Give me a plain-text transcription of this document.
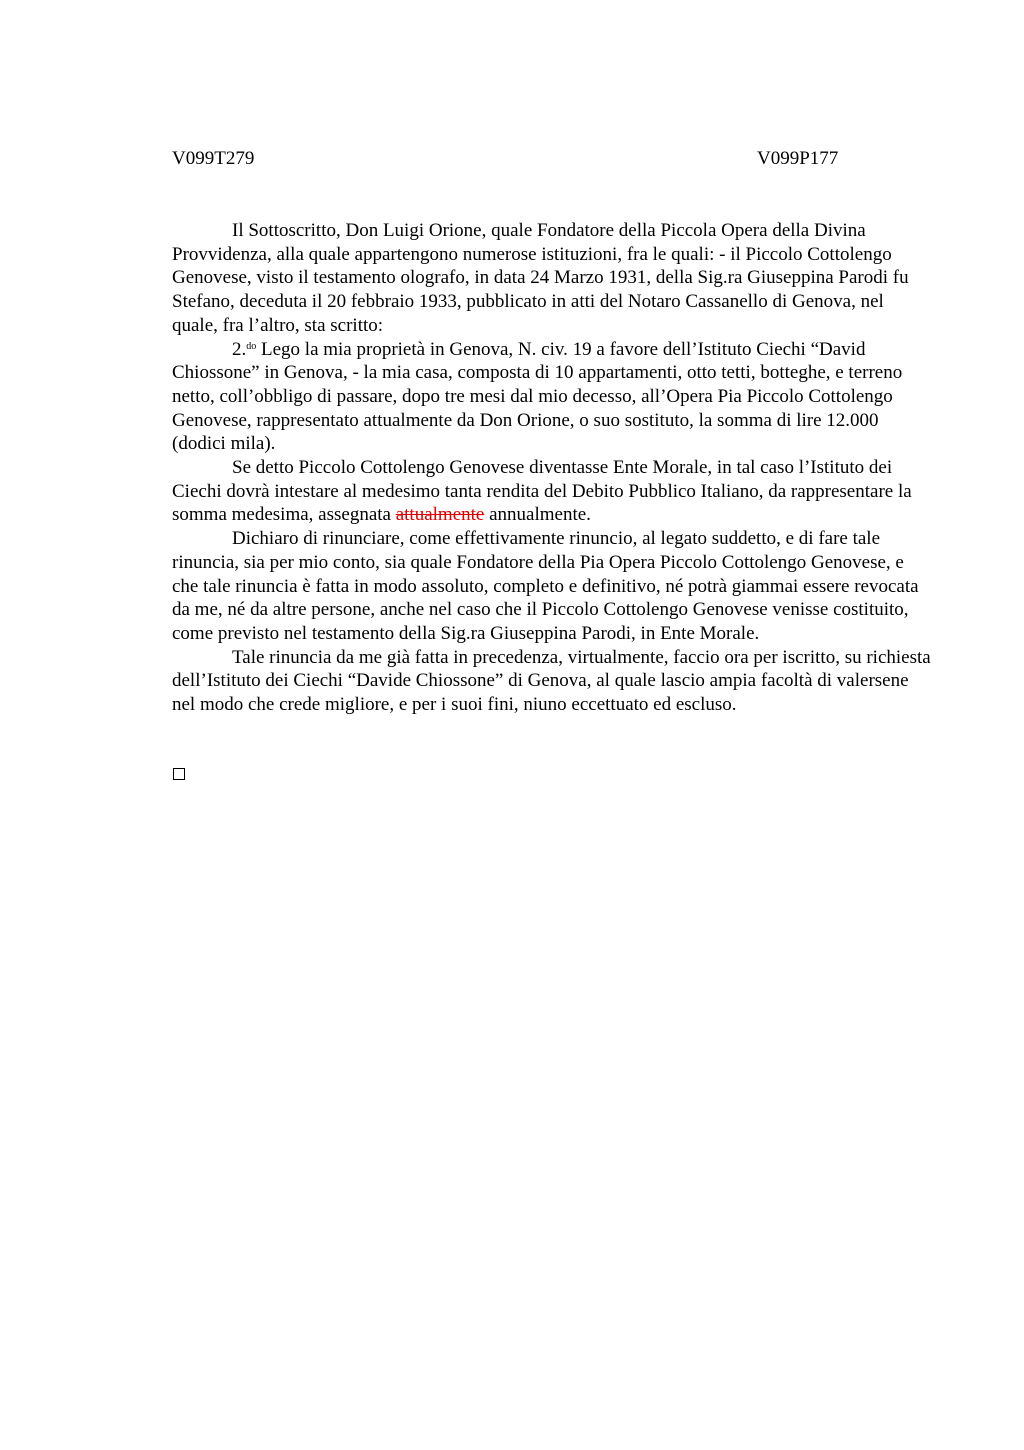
V099T279	V099P177

Il Sottoscritto, Don Luigi Orione, quale Fondatore della Piccola Opera della Divina Provvidenza, alla quale appartengono numerose istituzioni, fra le quali: - il Piccolo Cottolengo Genovese, visto il testamento olografo, in data 24 Marzo 1931, della Sig.ra Giuseppina Parodi fu Stefano, deceduta il 20 febbraio 1933, pubblicato in atti del Notaro Cassanello di Genova, nel quale, fra l’altro, sta scritto:

2.$^{do}$ Lego la mia proprietà in Genova, N. civ. 19 a favore dell’Istituto Ciechi “David Chiossone” in Genova, - la mia casa, composta di 10 appartamenti, otto tetti, botteghe, e terreno netto, coll’obbligo di passare, dopo tre mesi dal mio decesso, all’Opera Pia Piccolo Cottolengo Genovese, rappresentato attualmente da Don Orione, o suo sostituto, la somma di lire 12.000 (dodici mila).

Se detto Piccolo Cottolengo Genovese diventasse Ente Morale, in tal caso l’Istituto dei Ciechi dovrà intestare al medesimo tanta rendita del Debito Pubblico Italiano, da rappresentare la somma medesima, assegnata attualmente annualmente.

Dichiaro di rinunciare, come effettivamente rinuncio, al legato suddetto, e di fare tale rinuncia, sia per mio conto, sia quale Fondatore della Pia Opera Piccolo Cottolengo Genovese, e che tale rinuncia è fatta in modo assoluto, completo e definitivo, né potrà giammai essere revocata da me, né da altre persone, anche nel caso che il Piccolo Cottolengo Genovese venisse costituito, come previsto nel testamento della Sig.ra Giuseppina Parodi, in Ente Morale.

Tale rinuncia da me già fatta in precedenza, virtualmente, faccio ora per iscritto, su richiesta dell’Istituto dei Ciechi “Davide Chiossone” di Genova, al quale lascio ampia facoltà di valersene nel modo che crede migliore, e per i suoi fini, niuno eccettuato ed escluso.
